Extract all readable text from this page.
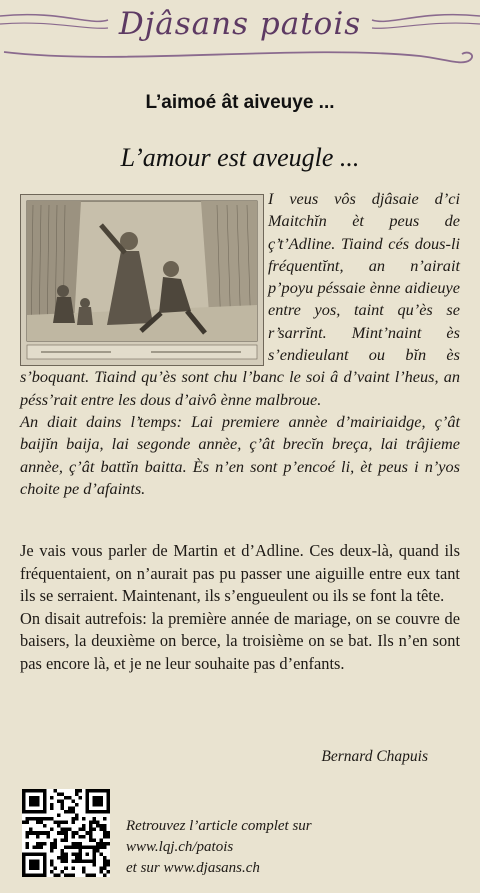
Djâsans patois
L’aimoé ât aiveuye ...
L’amour est aveugle ...

I veus vôs djâsaie d’ci Maitchĭn èt peus de ç’t’Adline. Tiaind cés dous-li fréquentĭnt, an n’airait p’poyu péssaie ènne aidieuye entre yos, taint qu’ès se r’sarrĭnt. Mint’naint ès s’endieulant ou bĭn ès s’boquant. Tiaind qu’ès sont chu l’banc le soi â d’vaint l’heus, an péss’rait entre les dous d’aivô ènne malbroue.

An diait dains l’temps: Lai premiere annèe d’mairiaidge, ç’ât baijĭn baija, lai segonde annèe, ç’ât brecĭn breça, lai trâjieme annèe, ç’ât battĭn baitta. Ès n’en sont p’encoé li, èt peus i n’yos choite pe d’afaints.

Je vais vous parler de Martin et d’Adline. Ces deux-là, quand ils fréquentaient, on n’aurait pas pu passer une aiguille entre eux tant ils se serraient. Maintenant, ils s’engueulent ou ils se font la tête.

On disait autrefois: la première année de mariage, on se couvre de baisers, la deuxième on berce, la troisième on se bat. Ils n’en sont pas encore là, et je ne leur souhaite pas d’enfants.

Bernard Chapuis
Retrouvez l’article complet sur
www.lqj.ch/patois
et sur www.djasans.ch
